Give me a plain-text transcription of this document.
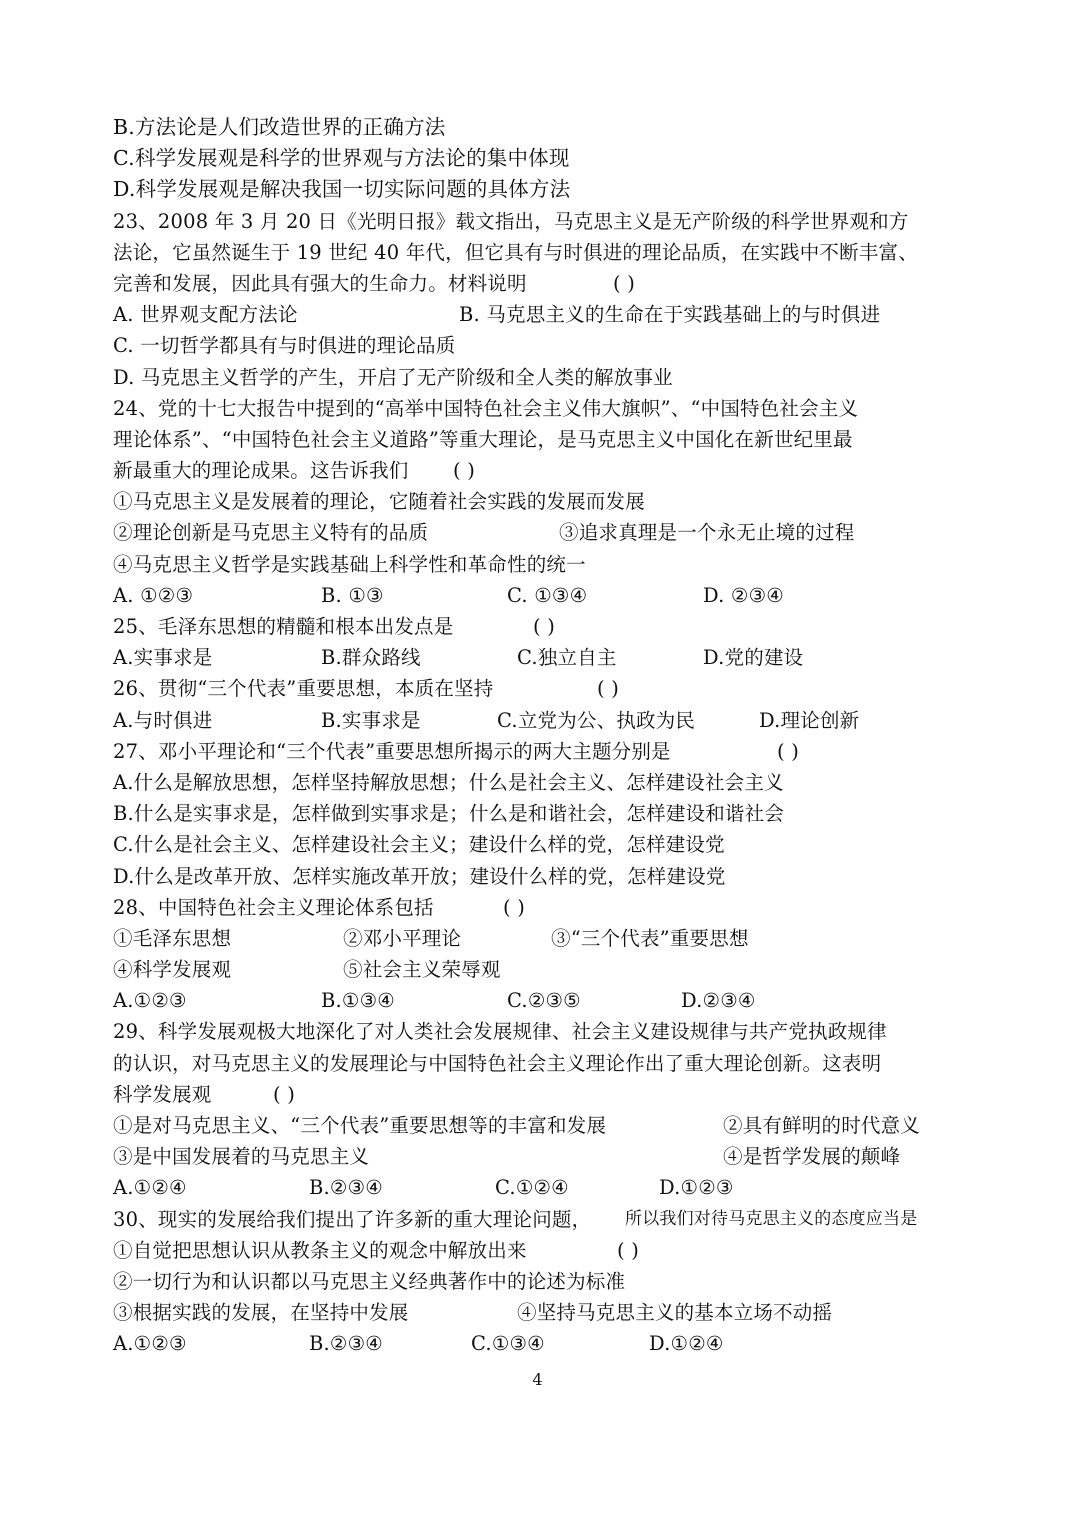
B.方法论是人们改造世界的正确方法
C.科学发展观是科学的世界观与方法论的集中体现
D.科学发展观是解决我国一切实际问题的具体方法
23、2008 年 3 月 20 日《光明日报》载文指出，马克思主义是无产阶级的科学世界观和方
法论，它虽然诞生于 19 世纪 40 年代，但它具有与时俱进的理论品质，在实践中不断丰富、
完善和发展，因此具有强大的生命力。材料说明	( )
A. 世界观支配方法论	B. 马克思主义的生命在于实践基础上的与时俱进
C. 一切哲学都具有与时俱进的理论品质
D. 马克思主义哲学的产生，开启了无产阶级和全人类的解放事业
24、党的十七大报告中提到的“高举中国特色社会主义伟大旗帜”、“中国特色社会主义
理论体系”、“中国特色社会主义道路”等重大理论，是马克思主义中国化在新世纪里最
新最重大的理论成果。这告诉我们 ( )
①马克思主义是发展着的理论，它随着社会实践的发展而发展
②理论创新是马克思主义特有的品质	③追求真理是一个永无止境的过程
④马克思主义哲学是实践基础上科学性和革命性的统一
A. ①②③	B. ①③	C. ①③④	D. ②③④
25、毛泽东思想的精髓和根本出发点是	( )
A.实事求是	B.群众路线	C.独立自主	D.党的建设
26、贯彻“三个代表”重要思想，本质在坚持	( )
A.与时俱进	B.实事求是	C.立党为公、执政为民	D.理论创新
27、邓小平理论和“三个代表”重要思想所揭示的两大主题分别是	( )
A.什么是解放思想，怎样坚持解放思想；什么是社会主义、怎样建设社会主义
B.什么是实事求是，怎样做到实事求是；什么是和谐社会，怎样建设和谐社会
C.什么是社会主义、怎样建设社会主义；建设什么样的党，怎样建设党
D.什么是改革开放、怎样实施改革开放；建设什么样的党，怎样建设党
28、中国特色社会主义理论体系包括	( )
①毛泽东思想	②邓小平理论	③“三个代表”重要思想
④科学发展观	⑤社会主义荣辱观
A.①②③	B.①③④	C.②③⑤	D.②③④
29、科学发展观极大地深化了对人类社会发展规律、社会主义建设规律与共产党执政规律
的认识，对马克思主义的发展理论与中国特色社会主义理论作出了重大理论创新。这表明
科学发展观	( )
①是对马克思主义、“三个代表”重要思想等的丰富和发展	②具有鲜明的时代意义
③是中国发展着的马克思主义	④是哲学发展的颠峰
A.①②④	B.②③④	C.①②④	D.①②③
30、现实的发展给我们提出了许多新的重大理论问题， 所以我们对待马克思主义的态度应当是
①自觉把思想认识从教条主义的观念中解放出来	( )
②一切行为和认识都以马克思主义经典著作中的论述为标准
③根据实践的发展，在坚持中发展	④坚持马克思主义的基本立场不动摇
A.①②③	B.②③④	C.①③④	D.①②④
4
